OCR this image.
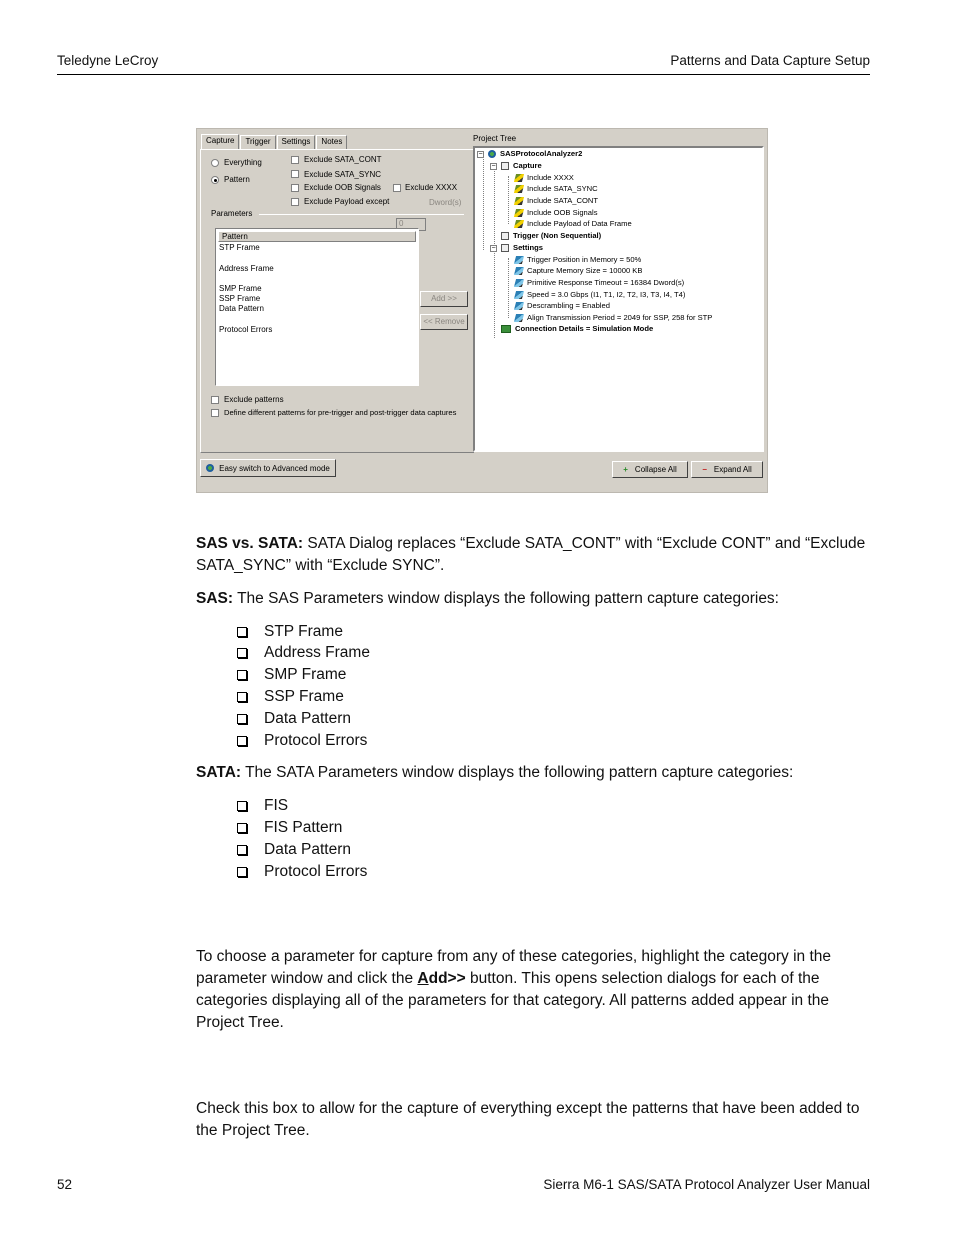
Teledyne LeCroy	Patterns and Data Capture Setup
Capture	Trigger	Settings	Notes
Everything
Pattern
Exclude SATA_CONT
Exclude SATA_SYNC
Exclude OOB Signals	Exclude XXXX
Exclude Payload except
0
Dword(s)
Parameters
Pattern
STP Frame
Address Frame
SMP Frame
SSP Frame
Data Pattern
Protocol Errors
Add >>
<< Remove
Exclude patterns
Define different patterns for pre-trigger and post-trigger data captures
Project Tree
− SASProtocolAnalyzer2
− Capture
Include XXXX
Include SATA_SYNC
Include SATA_CONT
Include OOB Signals
Include Payload of Data Frame
Trigger (Non Sequential)
− Settings
Trigger Position in Memory = 50%
Capture Memory Size = 10000 KB
Primitive Response Timeout = 16384 Dword(s)
Speed = 3.0 Gbps (I1, T1, I2, T2, I3, T3, I4, T4)
Descrambling = Enabled
Align Transmission Period = 2049 for SSP, 258 for STP
Connection Details = Simulation Mode
Easy switch to Advanced mode	+ Collapse All	− Expand All
SAS vs. SATA: SATA Dialog replaces “Exclude SATA_CONT” with “Exclude CONT” and “Exclude SATA_SYNC” with “Exclude SYNC”.
SAS: The SAS Parameters window displays the following pattern capture categories:
STP Frame
Address Frame
SMP Frame
SSP Frame
Data Pattern
Protocol Errors
SATA: The SATA Parameters window displays the following pattern capture categories:
FIS
FIS Pattern
Data Pattern
Protocol Errors
To choose a parameter for capture from any of these categories, highlight the category in the parameter window and click the Add>> button. This opens selection dialogs for each of the categories displaying all of the parameters for that category. All patterns added appear in the Project Tree.
Check this box to allow for the capture of everything except the patterns that have been added to the Project Tree.
52	Sierra M6-1 SAS/SATA Protocol Analyzer User Manual
